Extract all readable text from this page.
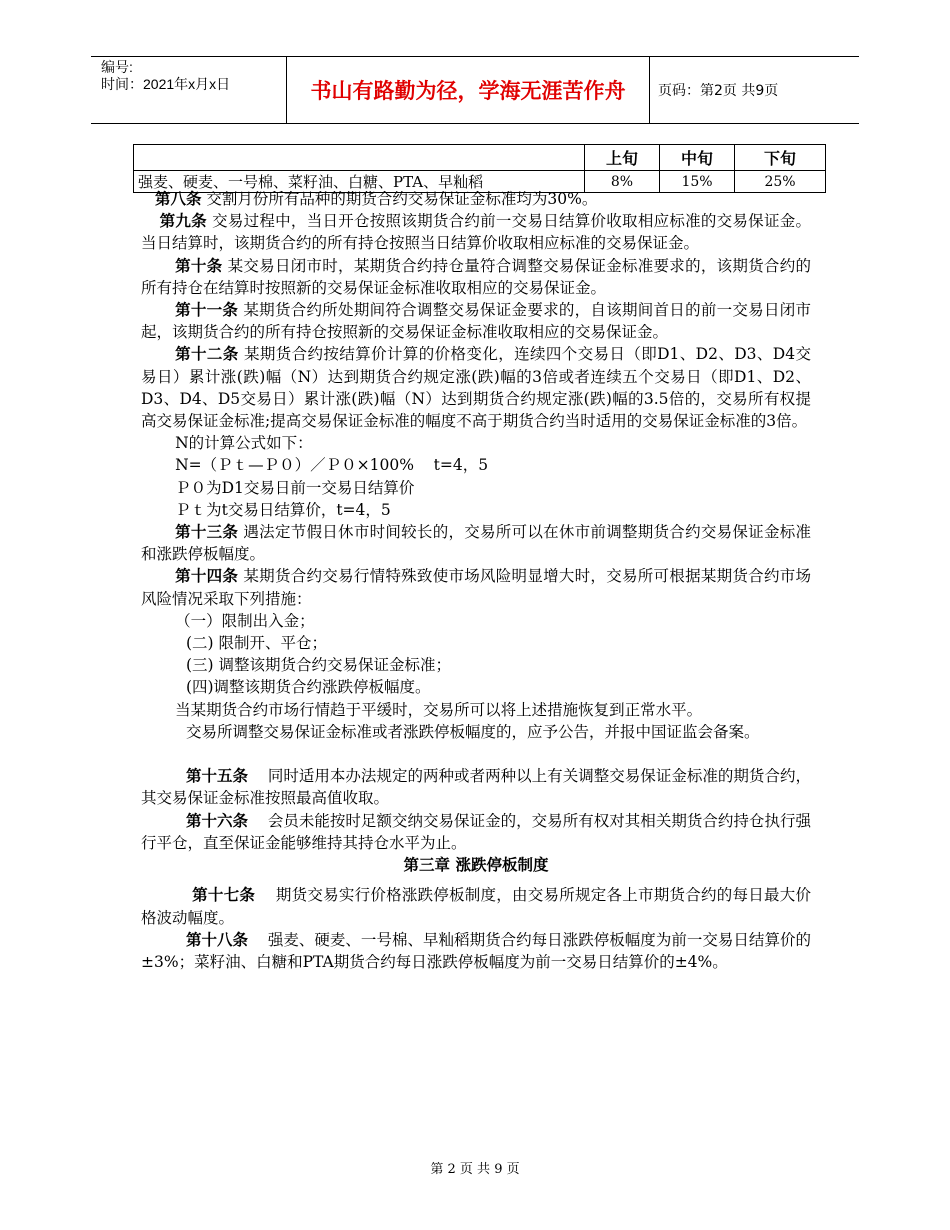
编号:
时间：2021年x月x日	书山有路勤为径，学海无涯苦作舟	页码：第2页 共9页
	上旬	中旬	下旬
强麦、硬麦、一号棉、菜籽油、白糖、PTA、早籼稻	8%	15%	25%

第八条 交割月份所有品种的期货合约交易保证金标准均为30%。

第九条 交易过程中，当日开仓按照该期货合约前一交易日结算价收取相应标准的交易保证金。当日结算时，该期货合约的所有持仓按照当日结算价收取相应标准的交易保证金。

第十条 某交易日闭市时，某期货合约持仓量符合调整交易保证金标准要求的，该期货合约的所有持仓在结算时按照新的交易保证金标准收取相应的交易保证金。

第十一条 某期货合约所处期间符合调整交易保证金要求的，自该期间首日的前一交易日闭市起，该期货合约的所有持仓按照新的交易保证金标准收取相应的交易保证金。

第十二条 某期货合约按结算价计算的价格变化，连续四个交易日（即D1、D2、D3、D4交易日）累计涨(跌)幅（N）达到期货合约规定涨(跌)幅的3倍或者连续五个交易日（即D1、D2、D3、D4、D5交易日）累计涨(跌)幅（N）达到期货合约规定涨(跌)幅的3.5倍的，交易所有权提高交易保证金标准;提高交易保证金标准的幅度不高于期货合约当时适用的交易保证金标准的3倍。

N的计算公式如下：

N=（Ｐｔ—Ｐ０）／Ｐ０×100%    t=4，5

Ｐ０为D1交易日前一交易日结算价

Ｐｔ为t交易日结算价，t=4，5

第十三条 遇法定节假日休市时间较长的，交易所可以在休市前调整期货合约交易保证金标准和涨跌停板幅度。

第十四条 某期货合约交易行情特殊致使市场风险明显增大时，交易所可根据某期货合约市场风险情况采取下列措施：

（一）限制出入金；

(二) 限制开、平仓；

(三) 调整该期货合约交易保证金标准；

(四)调整该期货合约涨跌停板幅度。

当某期货合约市场行情趋于平缓时，交易所可以将上述措施恢复到正常水平。

交易所调整交易保证金标准或者涨跌停板幅度的，应予公告，并报中国证监会备案。

第十五条    同时适用本办法规定的两种或者两种以上有关调整交易保证金标准的期货合约，其交易保证金标准按照最高值收取。

第十六条    会员未能按时足额交纳交易保证金的，交易所有权对其相关期货合约持仓执行强行平仓，直至保证金能够维持其持仓水平为止。

第三章 涨跌停板制度

第十七条    期货交易实行价格涨跌停板制度，由交易所规定各上市期货合约的每日最大价格波动幅度。

第十八条    强麦、硬麦、一号棉、早籼稻期货合约每日涨跌停板幅度为前一交易日结算价的±3%；菜籽油、白糖和PTA期货合约每日涨跌停板幅度为前一交易日结算价的±4%。

第 2 页 共 9 页
